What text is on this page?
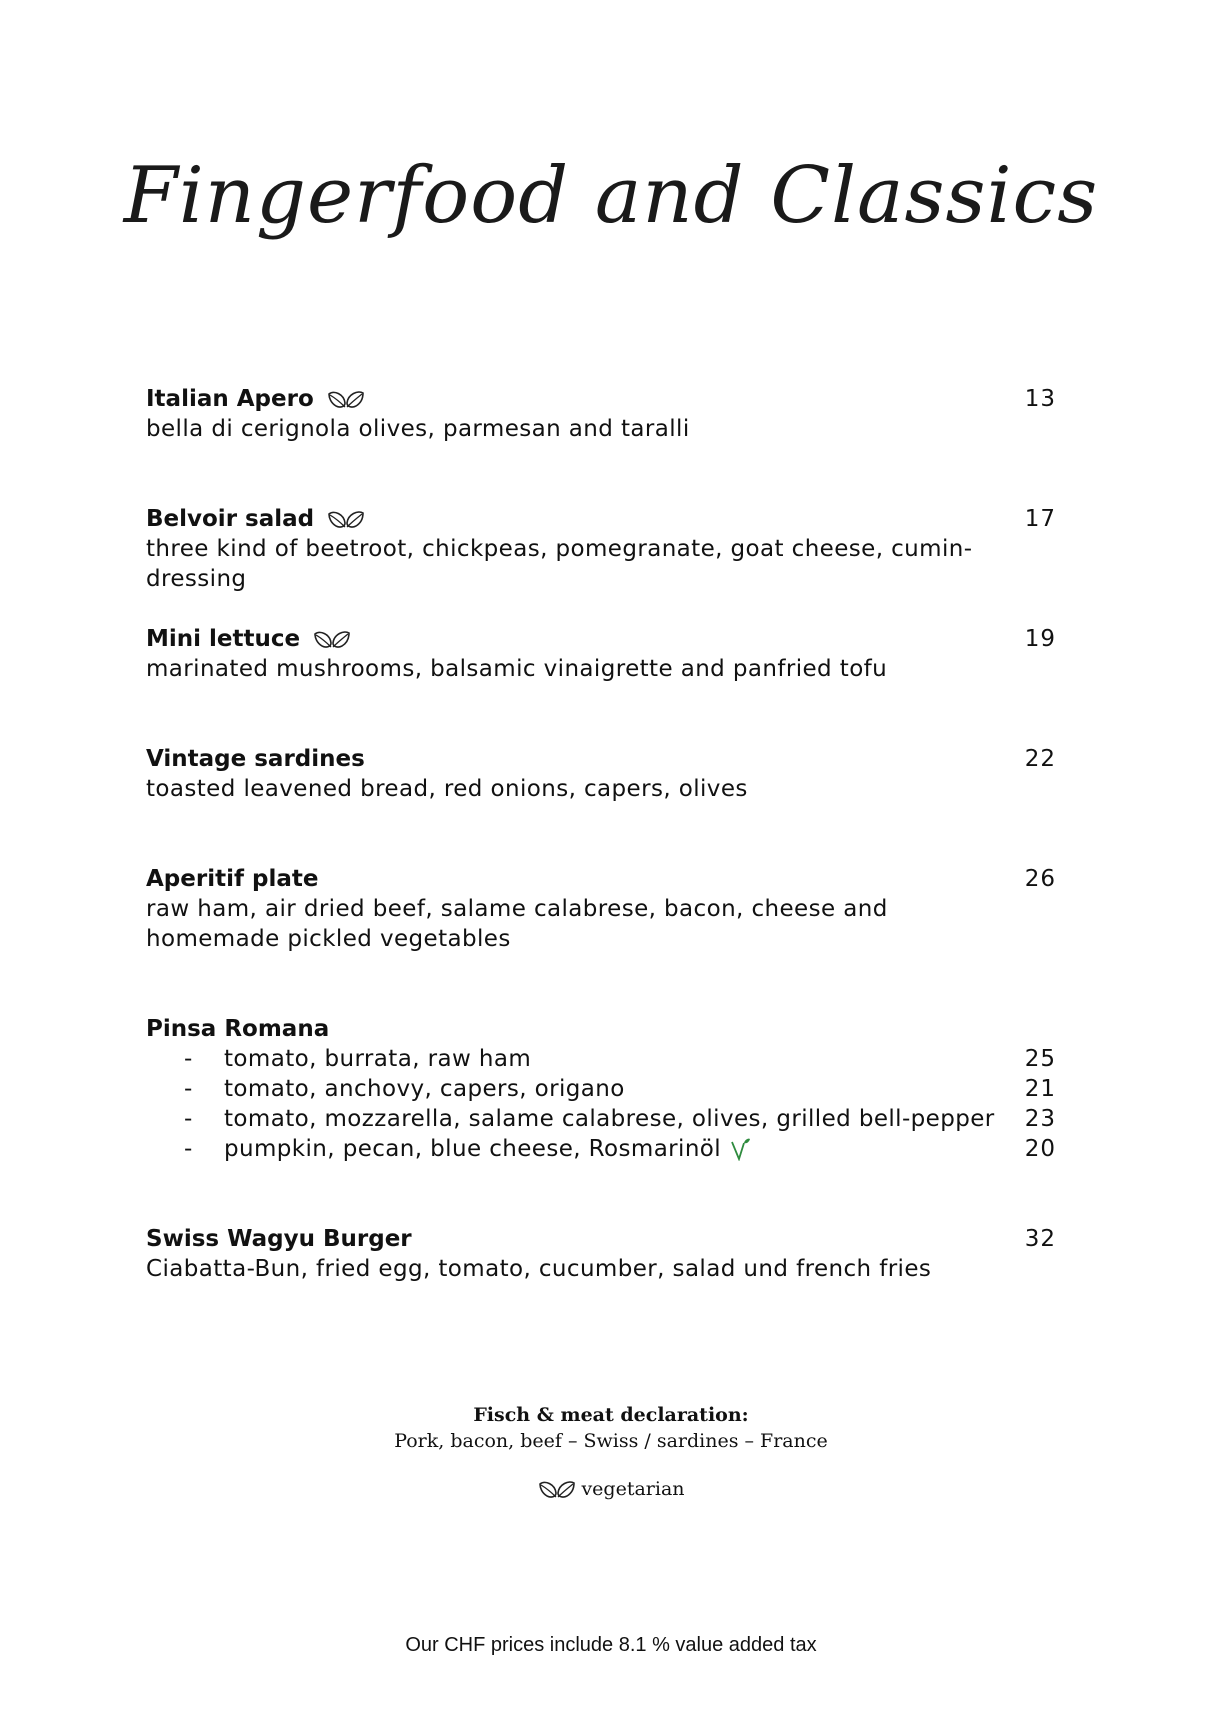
Fingerfood and Classics
Italian Apero	13
bella di cerignola olives, parmesan and taralli
Belvoir salad	17
three kind of beetroot, chickpeas, pomegranate, goat cheese, cumin-dressing
Mini lettuce	19
marinated mushrooms, balsamic vinaigrette and panfried tofu
Vintage sardines	22
toasted leavened bread, red onions, capers, olives
Aperitif plate	26
raw ham, air dried beef, salame calabrese, bacon, cheese and
homemade pickled vegetables
Pinsa Romana
-	tomato, burrata, raw ham	25
-	tomato, anchovy, capers, origano	21
-	tomato, mozzarella, salame calabrese, olives, grilled bell-pepper 23
-	pumpkin, pecan, blue cheese, Rosmarinöl	20
Swiss Wagyu Burger	32
Ciabatta-Bun, fried egg, tomato, cucumber, salad und french fries
Fisch & meat declaration:
Pork, bacon, beef – Swiss / sardines – France
vegetarian
Our CHF prices include 8.1 % value added tax
